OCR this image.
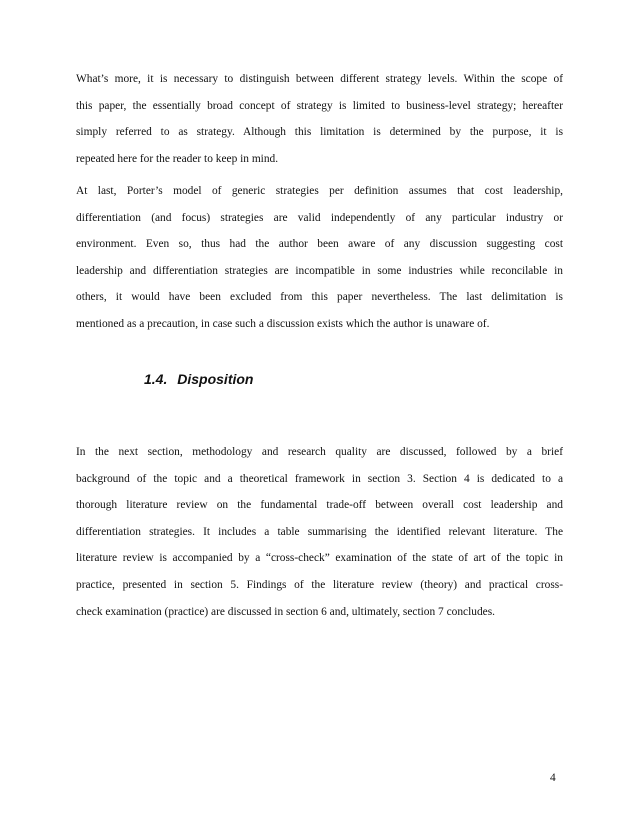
What’s more, it is necessary to distinguish between different strategy levels. Within the scope of
this paper, the essentially broad concept of strategy is limited to business-level strategy; hereafter
simply referred to as strategy. Although this limitation is determined by the purpose, it is
repeated here for the reader to keep in mind.

At last, Porter’s model of generic strategies per definition assumes that cost leadership,
differentiation (and focus) strategies are valid independently of any particular industry or
environment. Even so, thus had the author been aware of any discussion suggesting cost
leadership and differentiation strategies are incompatible in some industries while reconcilable in
others, it would have been excluded from this paper nevertheless. The last delimitation is
mentioned as a precaution, in case such a discussion exists which the author is unaware of.

1.4. Disposition

In the next section, methodology and research quality are discussed, followed by a brief
background of the topic and a theoretical framework in section 3. Section 4 is dedicated to a
thorough literature review on the fundamental trade-off between overall cost leadership and
differentiation strategies. It includes a table summarising the identified relevant literature. The
literature review is accompanied by a “cross-check” examination of the state of art of the topic in
practice, presented in section 5. Findings of the literature review (theory) and practical cross-
check examination (practice) are discussed in section 6 and, ultimately, section 7 concludes.

4
